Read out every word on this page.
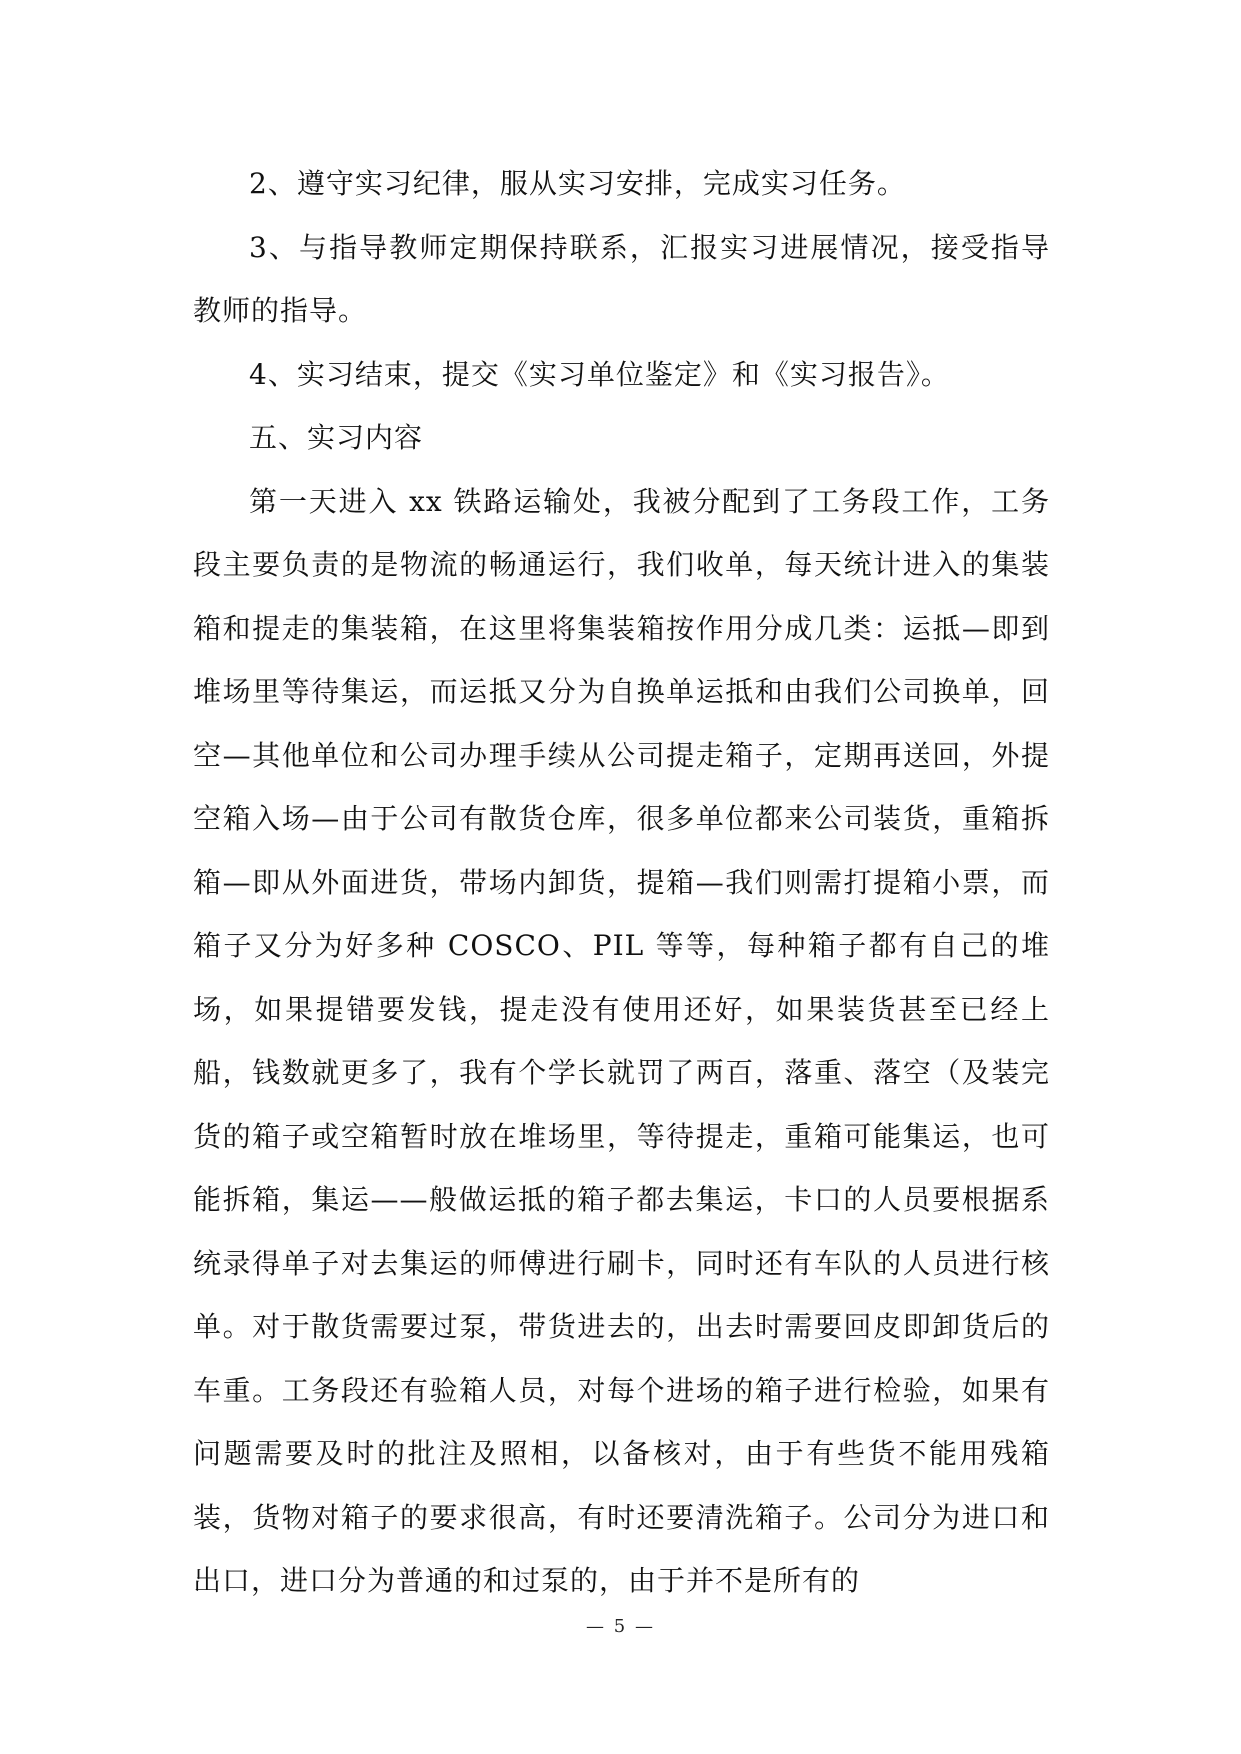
2、遵守实习纪律，服从实习安排，完成实习任务。

3、与指导教师定期保持联系，汇报实习进展情况，接受指导教师的指导。

4、实习结束，提交《实习单位鉴定》和《实习报告》。

五、实习内容

第一天进入 xx 铁路运输处，我被分配到了工务段工作，工务段主要负责的是物流的畅通运行，我们收单，每天统计进入的集装箱和提走的集装箱，在这里将集装箱按作用分成几类：运抵—即到堆场里等待集运，而运抵又分为自换单运抵和由我们公司换单，回空—其他单位和公司办理手续从公司提走箱子，定期再送回，外提空箱入场—由于公司有散货仓库，很多单位都来公司装货，重箱拆箱—即从外面进货，带场内卸货，提箱—我们则需打提箱小票，而箱子又分为好多种 COSCO、PIL 等等，每种箱子都有自己的堆场，如果提错要发钱，提走没有使用还好，如果装货甚至已经上船，钱数就更多了，我有个学长就罚了两百，落重、落空（及装完货的箱子或空箱暂时放在堆场里，等待提走，重箱可能集运，也可能拆箱，集运——般做运抵的箱子都去集运，卡口的人员要根据系统录得单子对去集运的师傅进行刷卡，同时还有车队的人员进行核单。对于散货需要过泵，带货进去的，出去时需要回皮即卸货后的车重。工务段还有验箱人员，对每个进场的箱子进行检验，如果有问题需要及时的批注及照相，以备核对，由于有些货不能用残箱装，货物对箱子的要求很高，有时还要清洗箱子。公司分为进口和出口，进口分为普通的和过泵的，由于并不是所有的

— 5 —
